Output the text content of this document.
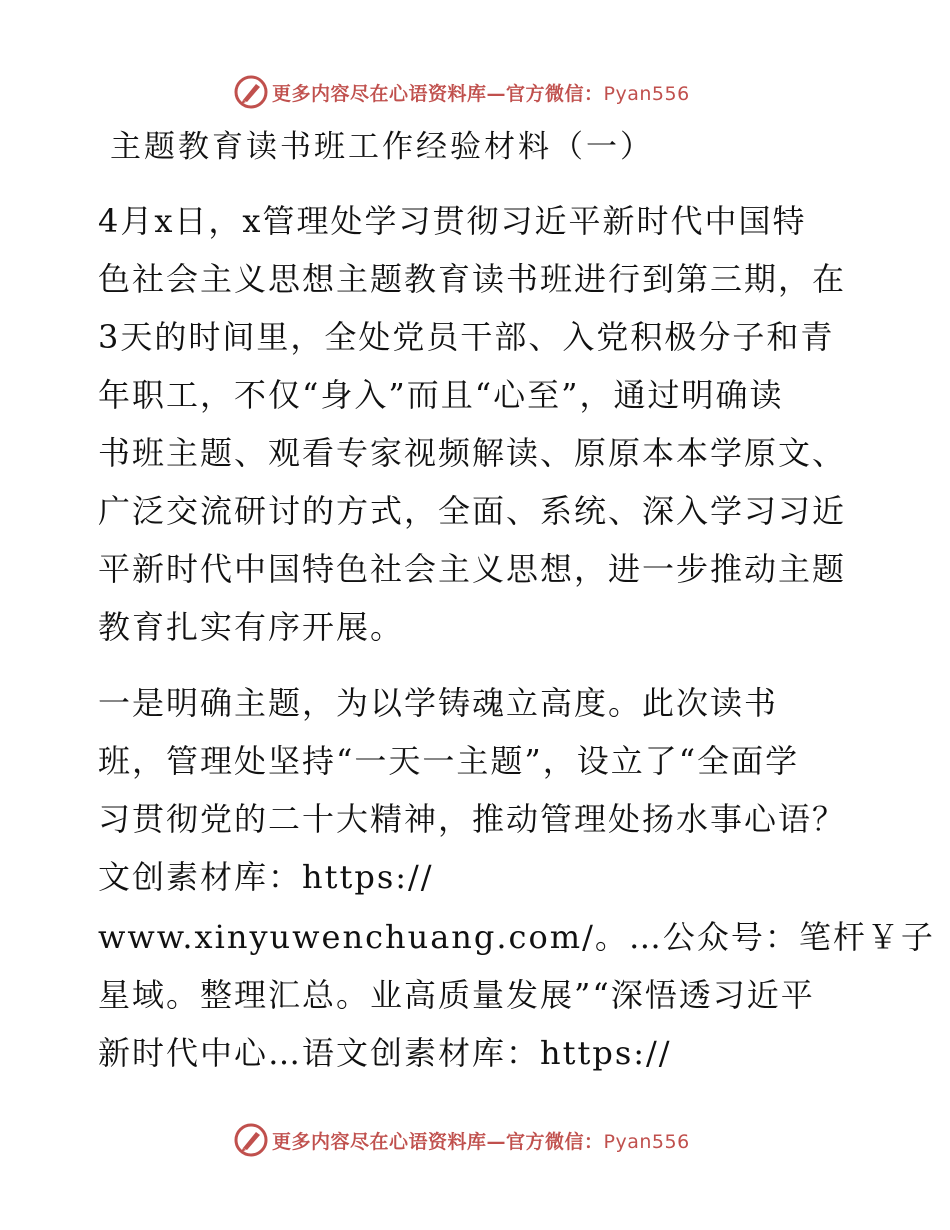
更多内容尽在心语资料库—官方微信：Pyan556
主题教育读书班工作经验材料（一）
4月x日，x管理处学习贯彻习近平新时代中国特
色社会主义思想主题教育读书班进行到第三期，在
3天的时间里，全处党员干部、入党积极分子和青
年职工，不仅“身入”而且“心至”，通过明确读
书班主题、观看专家视频解读、原原本本学原文、
广泛交流研讨的方式，全面、系统、深入学习习近
平新时代中国特色社会主义思想，进一步推动主题
教育扎实有序开展。
一是明确主题，为以学铸魂立高度。此次读书
班，管理处坚持“一天一主题”，设立了“全面学
习贯彻党的二十大精神，推动管理处扬水事心语？
文创素材库：https://
www.xinyuwenchuang.com/。…公众号：笔杆￥子
星域。整理汇总。业高质量发展”“深悟透习近平
新时代中心…语文创素材库：https://
更多内容尽在心语资料库—官方微信：Pyan556
